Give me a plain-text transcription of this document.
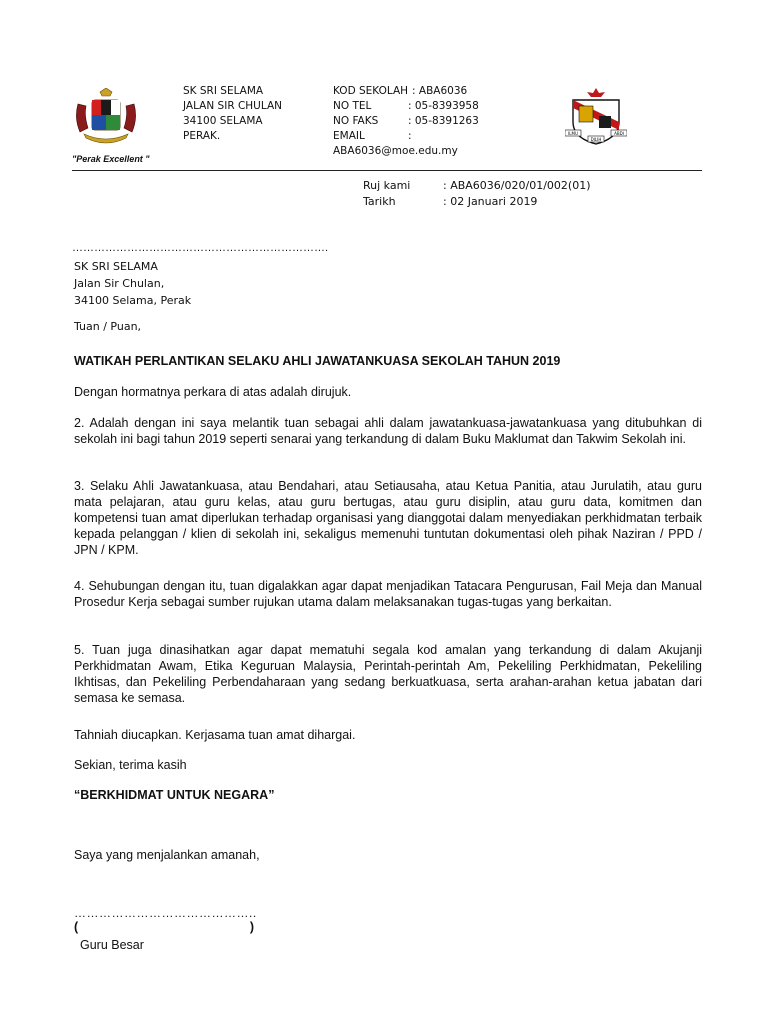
"Perak Excellent "
SK SRI SELAMA
JALAN SIR CHULAN
34100 SELAMA
PERAK.
KOD SEKOLAH : ABA6036
NO TEL	: 05-8393958
NO FAKS	: 05-8391263
EMAIL	:
ABA6036@moe.edu.my
ILMU
DILIH
ABDI
Ruj kami	: ABA6036/020/01/002(01)
Tarikh	: 02 Januari 2019
…………………………………………………………….
SK SRI SELAMA
Jalan Sir Chulan,
34100 Selama, Perak
Tuan / Puan,
WATIKAH PERLANTIKAN SELAKU AHLI JAWATANKUASA SEKOLAH TAHUN 2019
Dengan hormatnya perkara di atas adalah dirujuk.
2. Adalah dengan ini saya melantik tuan sebagai ahli dalam jawatankuasa-jawatankuasa yang ditubuhkan di sekolah ini bagi tahun 2019 seperti senarai yang terkandung di dalam Buku Maklumat dan Takwim Sekolah ini.
3. Selaku Ahli Jawatankuasa, atau Bendahari, atau Setiausaha, atau Ketua Panitia, atau Jurulatih, atau guru mata pelajaran, atau guru kelas, atau guru bertugas, atau guru disiplin, atau guru data, komitmen dan kompetensi tuan amat diperlukan terhadap organisasi yang dianggotai dalam menyediakan perkhidmatan terbaik kepada pelanggan / klien di sekolah ini, sekaligus memenuhi tuntutan dokumentasi oleh pihak Naziran / PPD / JPN / KPM.
4. Sehubungan dengan itu, tuan digalakkan agar dapat menjadikan Tatacara Pengurusan, Fail Meja dan Manual Prosedur Kerja sebagai sumber rujukan utama dalam melaksanakan tugas-tugas yang berkaitan.
5. Tuan juga dinasihatkan agar dapat mematuhi segala kod amalan yang terkandung di dalam Akujanji Perkhidmatan Awam, Etika Keguruan Malaysia, Perintah-perintah Am, Pekeliling Perkhidmatan, Pekeliling Ikhtisas, dan Pekeliling Perbendaharaan yang sedang berkuatkuasa, serta arahan-arahan ketua jabatan dari semasa ke semasa.
Tahniah diucapkan. Kerjasama tuan amat dihargai.
Sekian, terima kasih
“BERKHIDMAT UNTUK NEGARA”
Saya yang menjalankan amanah,
……………………………………..
(	)
Guru Besar
